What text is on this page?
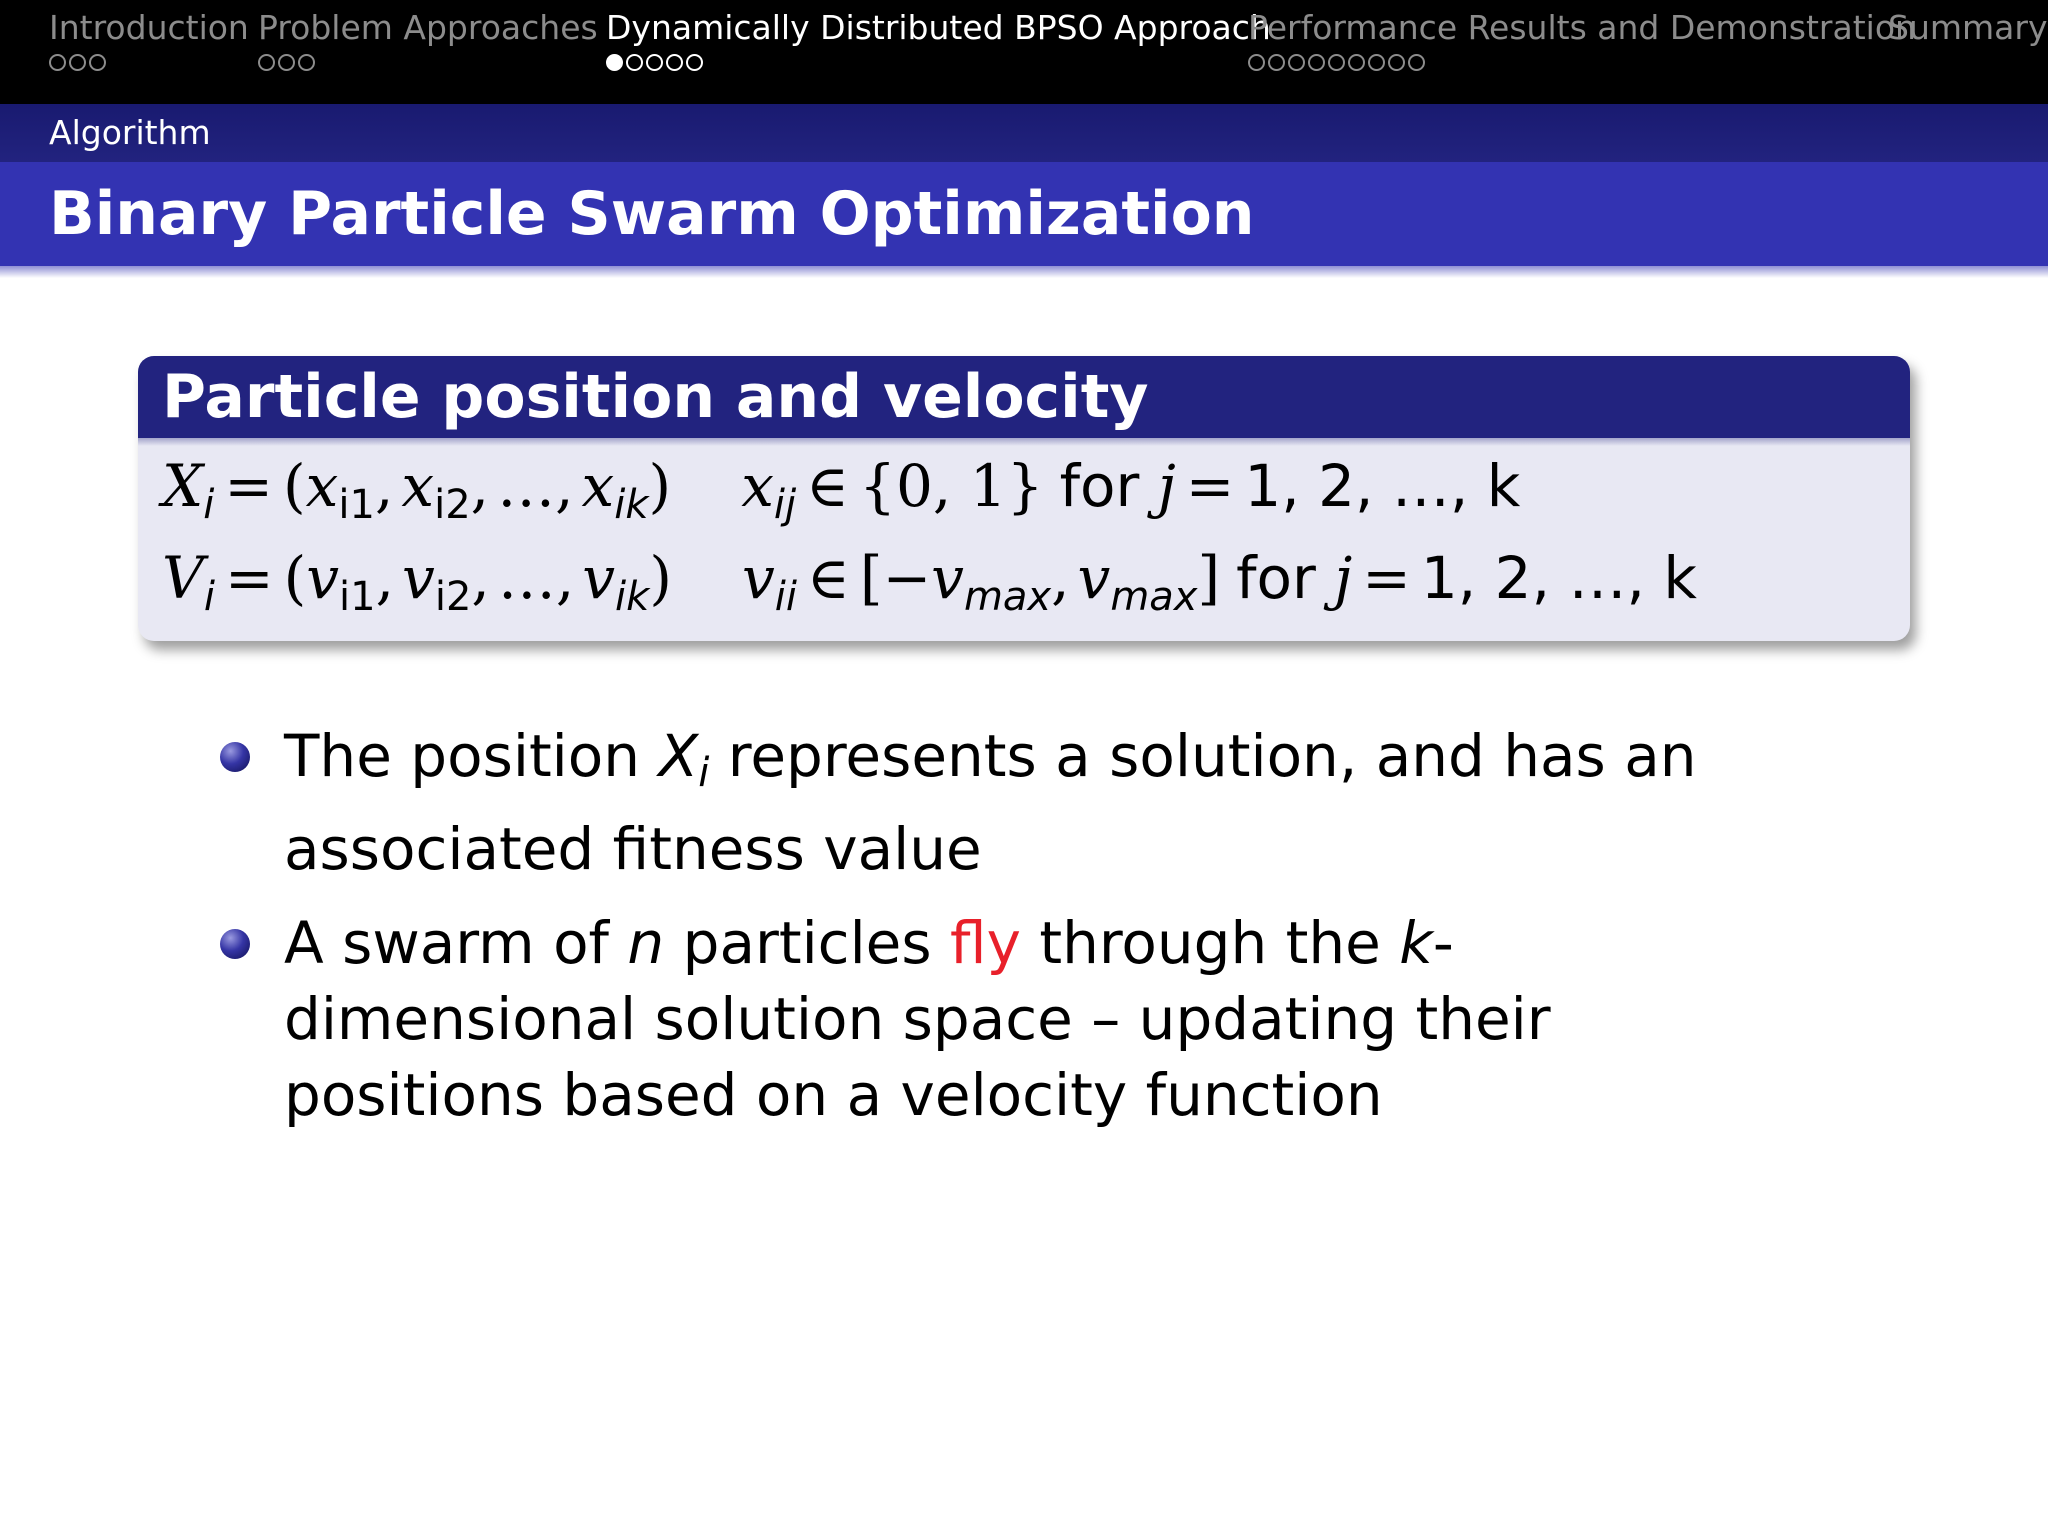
Introduction Problem Approaches Dynamically Distributed BPSO Approach
Performance Results and Demonstration
Summary
Algorithm
Binary Particle Swarm Optimization
Particle position and velocity
$X_i = (x_{i1}$, $x_{i2}$, …, $x_{ik}$) $x_{ij}$ ∈ {0, 1} for j = 1, 2, …, k
$V_i = (v_{i1}$, $v_{i2}$, …, $v_{ik}$) $v_{ii}$ ∈ [$-v_{max}$, $v_{max}$] for j = 1, 2, …, k
The position Xi represents a solution, and has an associated fitness value
A swarm of n particles fly through the k-dimensional solution space – updating their positions based on a velocity function
